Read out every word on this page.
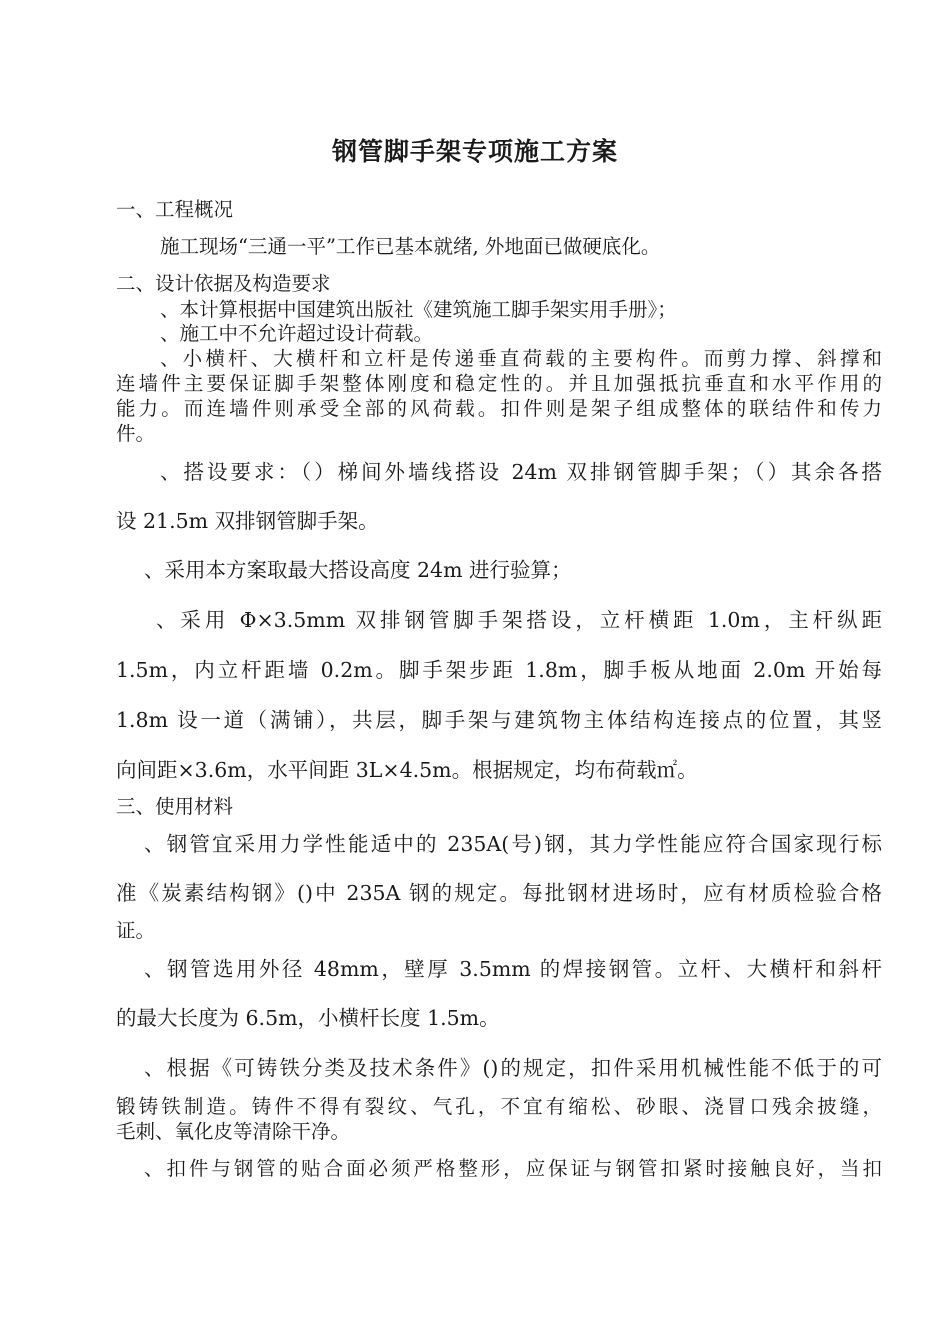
钢管脚手架专项施工方案
一、工程概况
施工现场“三通一平”工作已基本就绪, 外地面已做硬底化。
二、设计依据及构造要求
、本计算根据中国建筑出版社《建筑施工脚手架实用手册》；
、施工中不允许超过设计荷载。
、小横杆、大横杆和立杆是传递垂直荷载的主要构件。而剪力撑、斜撑和
连墙件主要保证脚手架整体刚度和稳定性的。并且加强抵抗垂直和水平作用的
能力。而连墙件则承受全部的风荷载。扣件则是架子组成整体的联结件和传力
件。
、搭设要求：（）梯间外墙线搭设 24m 双排钢管脚手架；（）其余各搭
设 21.5m 双排钢管脚手架。
、采用本方案取最大搭设高度 24m 进行验算；
、采用 Φ×3.5mm 双排钢管脚手架搭设，立杆横距 1.0m，主杆纵距
1.5m，内立杆距墙 0.2m。脚手架步距 1.8m，脚手板从地面 2.0m 开始每
1.8m 设一道（满铺），共层，脚手架与建筑物主体结构连接点的位置，其竖
向间距×3.6m，水平间距 3L×4.5m。根据规定，均布荷载㎡。
三、使用材料
、钢管宜采用力学性能适中的 235A(号)钢，其力学性能应符合国家现行标
准《炭素结构钢》()中 235A 钢的规定。每批钢材进场时，应有材质检验合格
证。
、钢管选用外径 48mm，壁厚 3.5mm 的焊接钢管。立杆、大横杆和斜杆
的最大长度为 6.5m，小横杆长度 1.5m。
、根据《可铸铁分类及技术条件》()的规定，扣件采用机械性能不低于的可
锻铸铁制造。铸件不得有裂纹、气孔，不宜有缩松、砂眼、浇冒口残余披缝，
毛刺、氧化皮等清除干净。
、扣件与钢管的贴合面必须严格整形，应保证与钢管扣紧时接触良好，当扣
